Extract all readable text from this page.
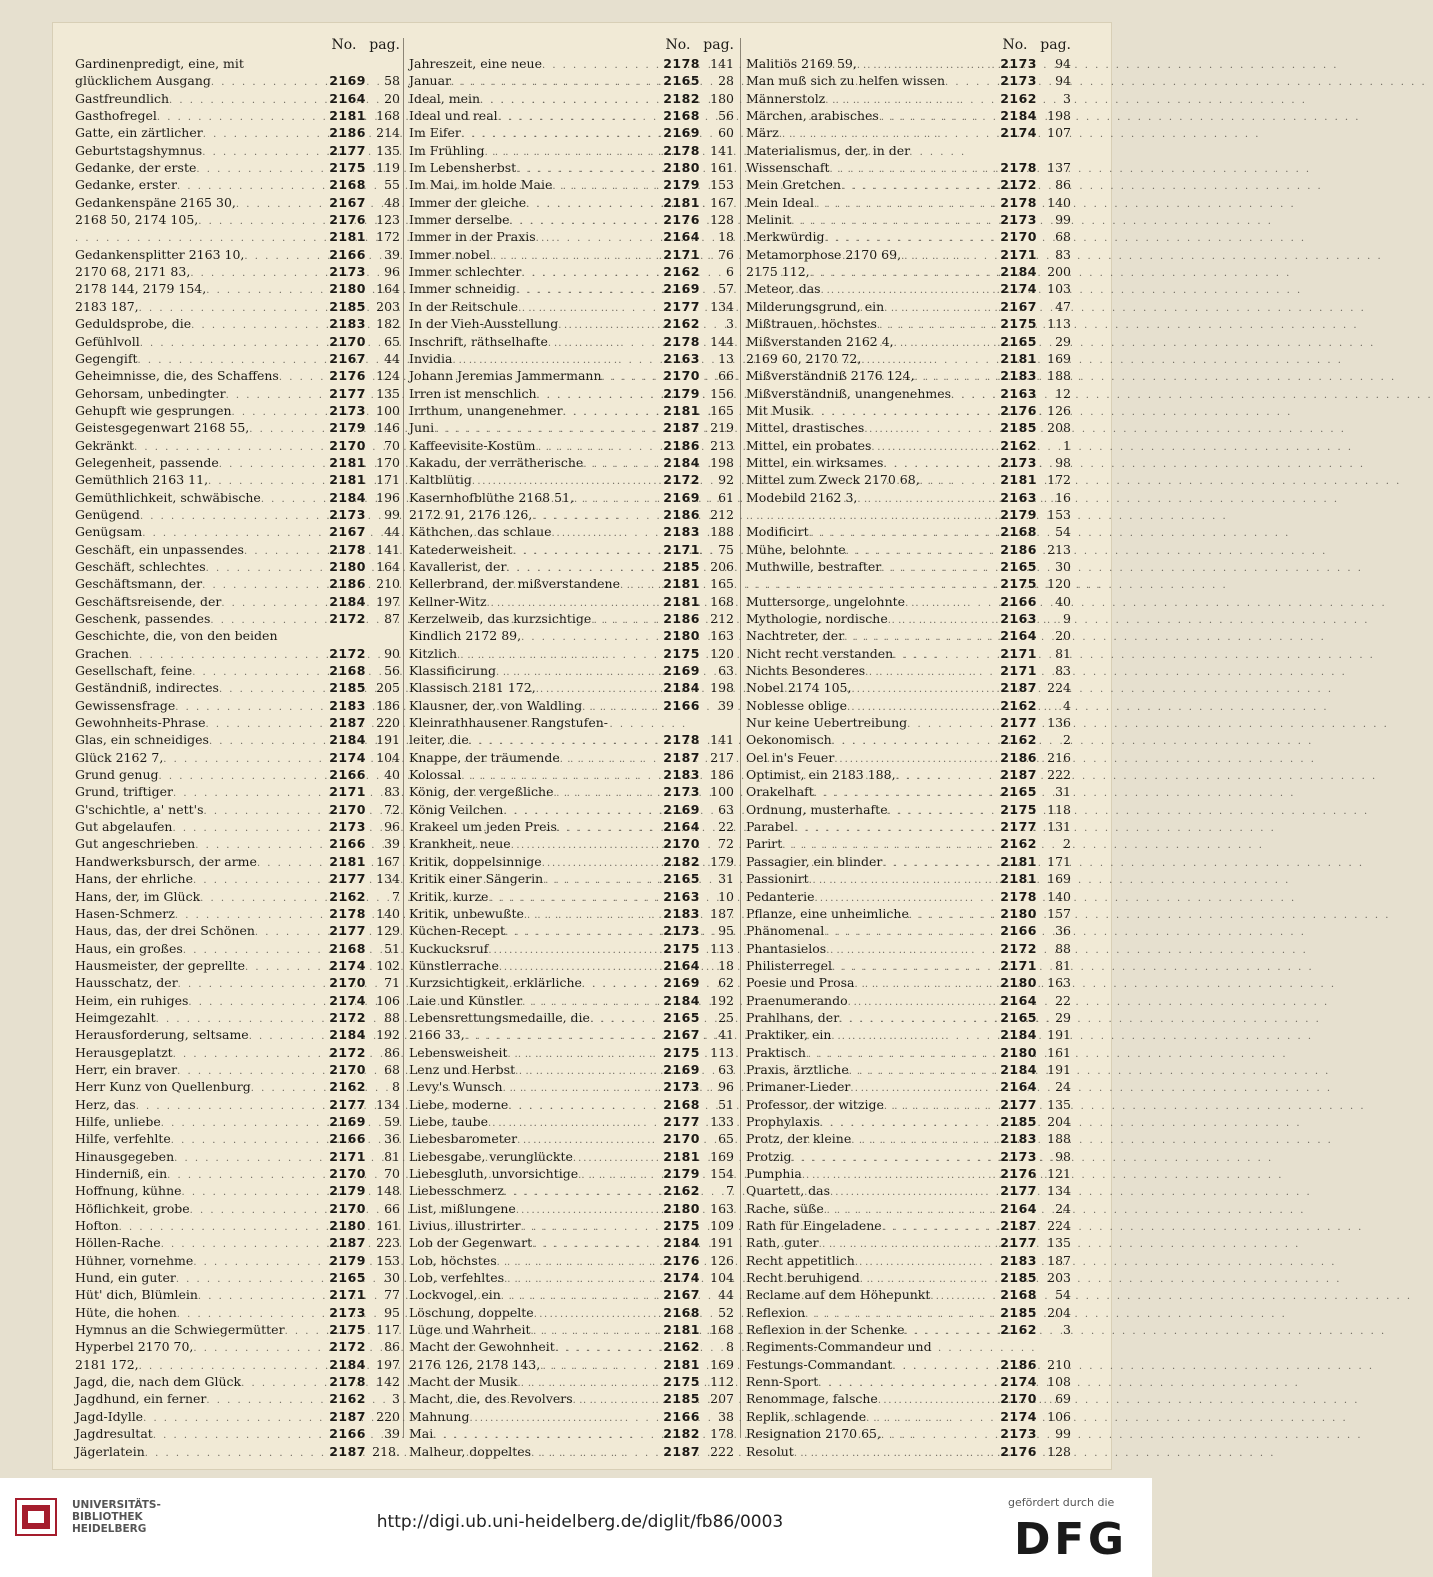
No. pag.
Gardinenpredigt, eine, mit
glücklichem Ausgang . . .	2169	58
Gastfreundlich . . .	2164	20
Gasthofregel . . .	2181 168
Gatte, ein zärtlicher . . .	2186 214
Geburtstagshymnus . . .	2177 135
Gedanke, der erste . . .	2175 119
Gedanke, erster . . .	2168	55
Gedankenspäne 2165 30, . . .	2167	48
2168 50, 2174 105, . . .	2176 123
. . .
2181 172
Gedankensplitter 2163 10, . . .	2166	39
2170 68, 2171 83, . . .	2173	96
2178 144, 2179 154, . . .	2180 164
2183 187, . . .	2185 203
Geduldsprobe, die . . .	2183 182
Gefühlvoll . . .	2170	65
Gegengift . . .	2167	44
Geheimnisse, die, des Schaffens . . .	2176 124
Gehorsam, unbedingter . . .	2177 135
Gehupft wie gesprungen . . .	2173 100
Geistesgegenwart 2168 55, . . .	2179 146
Gekränkt . . .	2170	70
Gelegenheit, passende . . .	2181 170
Gemüthlich 2163 11, . . .	2181 171
Gemüthlichkeit, schwäbische . . .	2184 196
Genügend . . .	2173	99
Genügsam . . .	2167	44
Geschäft, ein unpassendes . . .	2178 141
Geschäft, schlechtes . . .	2180 164
Geschäftsmann, der . . .	2186 210
Geschäftsreisende, der . . .	2184 197
Geschenk, passendes . . .	2172	87
Geschichte, die, von den beiden
Grachen . . .	2172	90
Gesellschaft, feine . . .	2168	56
Geständniß, indirectes . . .	2185 205
Gewissensfrage . . .	2183 186
Gewohnheits-Phrase . . .	2187 220
Glas, ein schneidiges . . .	2184 191
Glück 2162 7, . . .	2174 104
Grund genug . . .	2166	40
Grund, triftiger . . .	2171	83
G'schichtle, a' nett's . . .	2170	72
Gut abgelaufen . . .	2173	96
Gut angeschrieben . . .	2166	39
Handwerksbursch, der arme . . .	2181 167
Hans, der ehrliche . . .	2177 134
Hans, der, im Glück . . .	2162	7
Hasen-Schmerz . . .	2178 140
Haus, das, der drei Schönen . . .	2177 129
Haus, ein großes . . .	2168	51
Hausmeister, der geprellte . . .	2174 102
Hausschatz, der . . .	2170	71
Heim, ein ruhiges . . .	2174 106
Heimgezahlt . . .	2172	88
Herausforderung, seltsame . . .	2184 192
Herausgeplatzt . . .	2172	86
Herr, ein braver . . .	2170	68
Herr Kunz von Quellenburg . . .	2162	8
Herz, das . . .	2177 134
Hilfe, unliebe . . .	2169	59
Hilfe, verfehlte . . .	2166	36
Hinausgegeben . . .	2171	81
Hinderniß, ein . . .	2170	70
Hoffnung, kühne . . .	2179 148
Höflichkeit, grobe . . .	2170	66
Hofton . . .	2180 161
Höllen-Rache . . .	2187 223
Hühner, vornehme . . .	2179 153
Hund, ein guter . . .	2165	30
Hüt' dich, Blümlein . . .	2171	77
Hüte, die hohen . . .	2173	95
Hymnus an die Schwiegermütter . . .	2175 117
Hyperbel 2170 70, . . .	2172	86
2181 172, . . .	2184 197
Jagd, die, nach dem Glück . . .	2178 142
Jagdhund, ein ferner . . .	2162	3
Jagd-Idylle . . .	2187 220
Jagdresultat . . .	2166	39
Jägerlatein . . .	2187 218.
No. pag.
Jahreszeit, eine neue . . .	2178 141
Januar . . .	2165	28
Ideal, mein . . .	2182 180
Ideal und real . . .	2168	56
Im Eifer . . .	2169	60
Im Frühling . . .	2178 141
Im Lebensherbst . . .	2180 161
Im Mai, im holde Maie . . .	2179 153
Immer der gleiche . . .	2181 167
Immer derselbe . . .	2176 128
Immer in der Praxis . . .	2164	18
Immer nobel . . .	2171	76
Immer schlechter . . .	2162	6
Immer schneidig . . .	2169	57
In der Reitschule . . .	2177 134
In der Vieh-Ausstellung . . .	2162	3
Inschrift, räthselhafte . . .	2178 144
Invidia . . .	2163	13
Johann Jeremias Jammermann . . .	2170	66
Irren ist menschlich . . .	2179 156
Irrthum, unangenehmer . . .	2181 165
Juni . . .	2187 219
Kaffeevisite-Kostüm . . .	2186 213
Kakadu, der verrätherische . . .	2184 198
Kaltblütig . . .	2172	92
Kasernhofblüthe 2168 51, . . .	2169	61
2172 91, 2176 126, . . .	2186 212
Käthchen, das schlaue . . .	2183 188
Katederweisheit . . .	2171	75
Kavallerist, der . . .	2185 206
Kellerbrand, der mißverstandene . . .	2181 165
Kellner-Witz . . .	2181 168
Kerzelweib, das kurzsichtige . . .	2186 212
Kindlich 2172 89, . . .	2180 163
Kitzlich . . .	2175 120
Klassificirung . . .	2169	63
Klassisch 2181 172, . . .	2184 198
Klausner, der, von Waldling . . .	2166	39
Kleinrathhausener Rangstufen-
leiter, die . . .	2178 141
Knappe, der träumende . . .	2187 217
Kolossal . . .	2183 186
König, der vergeßliche . . .	2173 100
König Veilchen . . .	2169	63
Krakeel um jeden Preis . . .	2164	22
Krankheit, neue . . .	2170	72
Kritik, doppelsinnige . . .	2182 179
Kritik einer Sängerin . . .	2165	31
Kritik, kurze . . .	2163	10
Kritik, unbewußte . . .	2183 187
Küchen-Recept . . .	2173	95
Kuckucksruf . . .	2175 113
Künstlerrache . . .	2164	18
Kurzsichtigkeit, erklärliche . . .	2169	62
Laie und Künstler . . .	2184 192
Lebensrettungsmedaille, die . . .	2165	25
2166 33, . . .	2167	41
Lebensweisheit . . .	2175 113
Lenz und Herbst . . .	2169	63
Levy's Wunsch . . .	2173	96
Liebe, moderne . . .	2168	51
Liebe, taube . . .	2177 133
Liebesbarometer . . .	2170	65
Liebesgabe, verunglückte . . .	2181 169
Liebesgluth, unvorsichtige . . .	2179 154
Liebesschmerz . . .	2162	7
List, mißlungene . . .	2180 163
Livius, illustrirter . . .	2175 109
Lob der Gegenwart . . .	2184 191
Lob, höchstes . . .	2176 126
Lob, verfehltes . . .	2174 104
Lockvogel, ein . . .	2167	44
Löschung, doppelte . . .	2168	52
Lüge und Wahrheit . . .	2181 168
Macht der Gewohnheit . . .	2162	8
2176 126, 2178 143, . . .	2181 169
Macht der Musik . . .	2175 112
Macht, die, des Revolvers . . .	2185 207
Mahnung . . .	2166	38
Mai . . .	2182 178
Malheur, doppeltes . . .	2187 222
No. pag.
Malitiös 2169 59, . . .	2173	94
Man muß sich zu helfen wissen . . .	2173	94
Männerstolz . . .	2162	3
Märchen, arabisches . . .	2184 198
März . . .	2174 107
Materialismus, der, in der
Wissenschaft . . .	2178 137
Mein Gretchen . . .	2172	86
Mein Ideal . . .	2178 140
Melinit . . .	2173	99
Merkwürdig . . .	2170	68
Metamorphose 2170 69, . . .	2171	83
2175 112, . . .	2184 200
Meteor, das . . .	2174 103
Milderungsgrund, ein . . .	2167	47
Mißtrauen, höchstes . . .	2175 113
Mißverstanden 2162 4, . . .	2165	29
2169 60, 2170 72, . . .	2181 169
Mißverständniß 2176 124, . . .	2183 188
Mißverständniß, unangenehmes . . .	2163	12
Mit Musik . . .	2176 126
Mittel, drastisches . . .	2185 208
Mittel, ein probates . . .	2162	1
Mittel, ein wirksames . . .	2173	98
Mittel zum Zweck 2170 68, . . .	2181 172
Modebild 2162 3, . . .	2163	16
. . .
2179 153
Modificirt . . .	2168	54
Mühe, belohnte . . .	2186 213
Muthwille, bestrafter . . .	2165	30
. . .
2175 120
Muttersorge, ungelohnte . . .	2166	40
Mythologie, nordische . . .	2163	9
Nachtreter, der . . .	2164	20
Nicht recht verstanden . . .	2171	81
Nichts Besonderes . . .	2171	83
Nobel 2174 105, . . .	2187 224
Noblesse oblige . . .	2162	4
Nur keine Uebertreibung . . .	2177 136
Oekonomisch . . .	2162	2
Oel in's Feuer . . .	2186 216
Optimist, ein 2183 188, . . .	2187 222
Orakelhaft . . .	2165	31
Ordnung, musterhafte . . .	2175 118
Parabel . . .	2177 131
Parirt . . .	2162	2
Passagier, ein blinder . . .	2181 171
Passionirt . . .	2181 169
Pedanterie . . .	2178 140
Pflanze, eine unheimliche . . .	2180 157
Phänomenal . . .	2166	36
Phantasielos . . .	2172	88
Philisterregel . . .	2171	81
Poesie und Prosa . . .	2180 163
Praenumerando . . .	2164	22
Prahlhans, der . . .	2165	29
Praktiker, ein . . .	2184 191
Praktisch . . .	2180 161
Praxis, ärztliche . . .	2184 191
Primaner-Lieder . . .	2164	24
Professor, der witzige . . .	2177 135
Prophylaxis . . .	2185 204
Protz, der kleine . . .	2183 188
Protzig . . .	2173	98
Pumphia . . .	2176 121
Quartett, das . . .	2177 134
Rache, süße . . .	2164	24
Rath für Eingeladene . . .	2187 224
Rath, guter . . .	2177 135
Recht appetitlich . . .	2183 187
Recht beruhigend . . .	2185 203
Reclame auf dem Höhepunkt . . .	2168	54
Reflexion . . .	2185 204
Reflexion in der Schenke . . .	2162	3
Regiments-Commandeur und
Festungs-Commandant . . .	2186 210
Renn-Sport . . .	2174 108
Renommage, falsche . . .	2170	69
Replik, schlagende . . .	2174 106
Resignation 2170 65, . . .	2173	99
Resolut . . .	2176 128
UNIVERSITÄTS-
BIBLIOTHEK
HEIDELBERG	http://digi.ub.uni-heidelberg.de/diglit/fb86/0003
gefördert durch die
DFG
